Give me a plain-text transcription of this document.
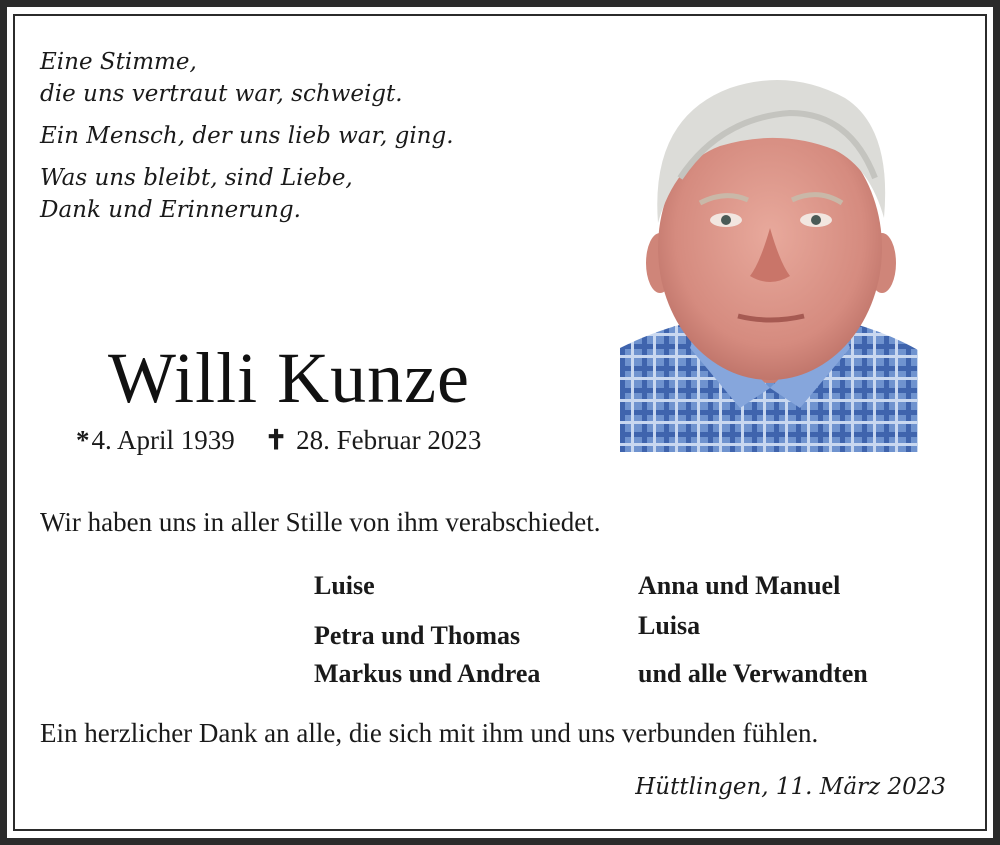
Eine Stimme,
die uns vertraut war, schweigt.

Ein Mensch, der uns lieb war, ging.

Was uns bleibt, sind Liebe,
Dank und Erinnerung.

Willi Kunze
*4. April 1939 ✝ 28. Februar 2023
Wir haben uns in aller Stille von ihm verabschiedet.
Luise
Petra und Thomas
Markus und Andrea
Anna und Manuel
Luisa
und alle Verwandten
Ein herzlicher Dank an alle, die sich mit ihm und uns verbunden fühlen.
Hüttlingen, 11. März 2023
